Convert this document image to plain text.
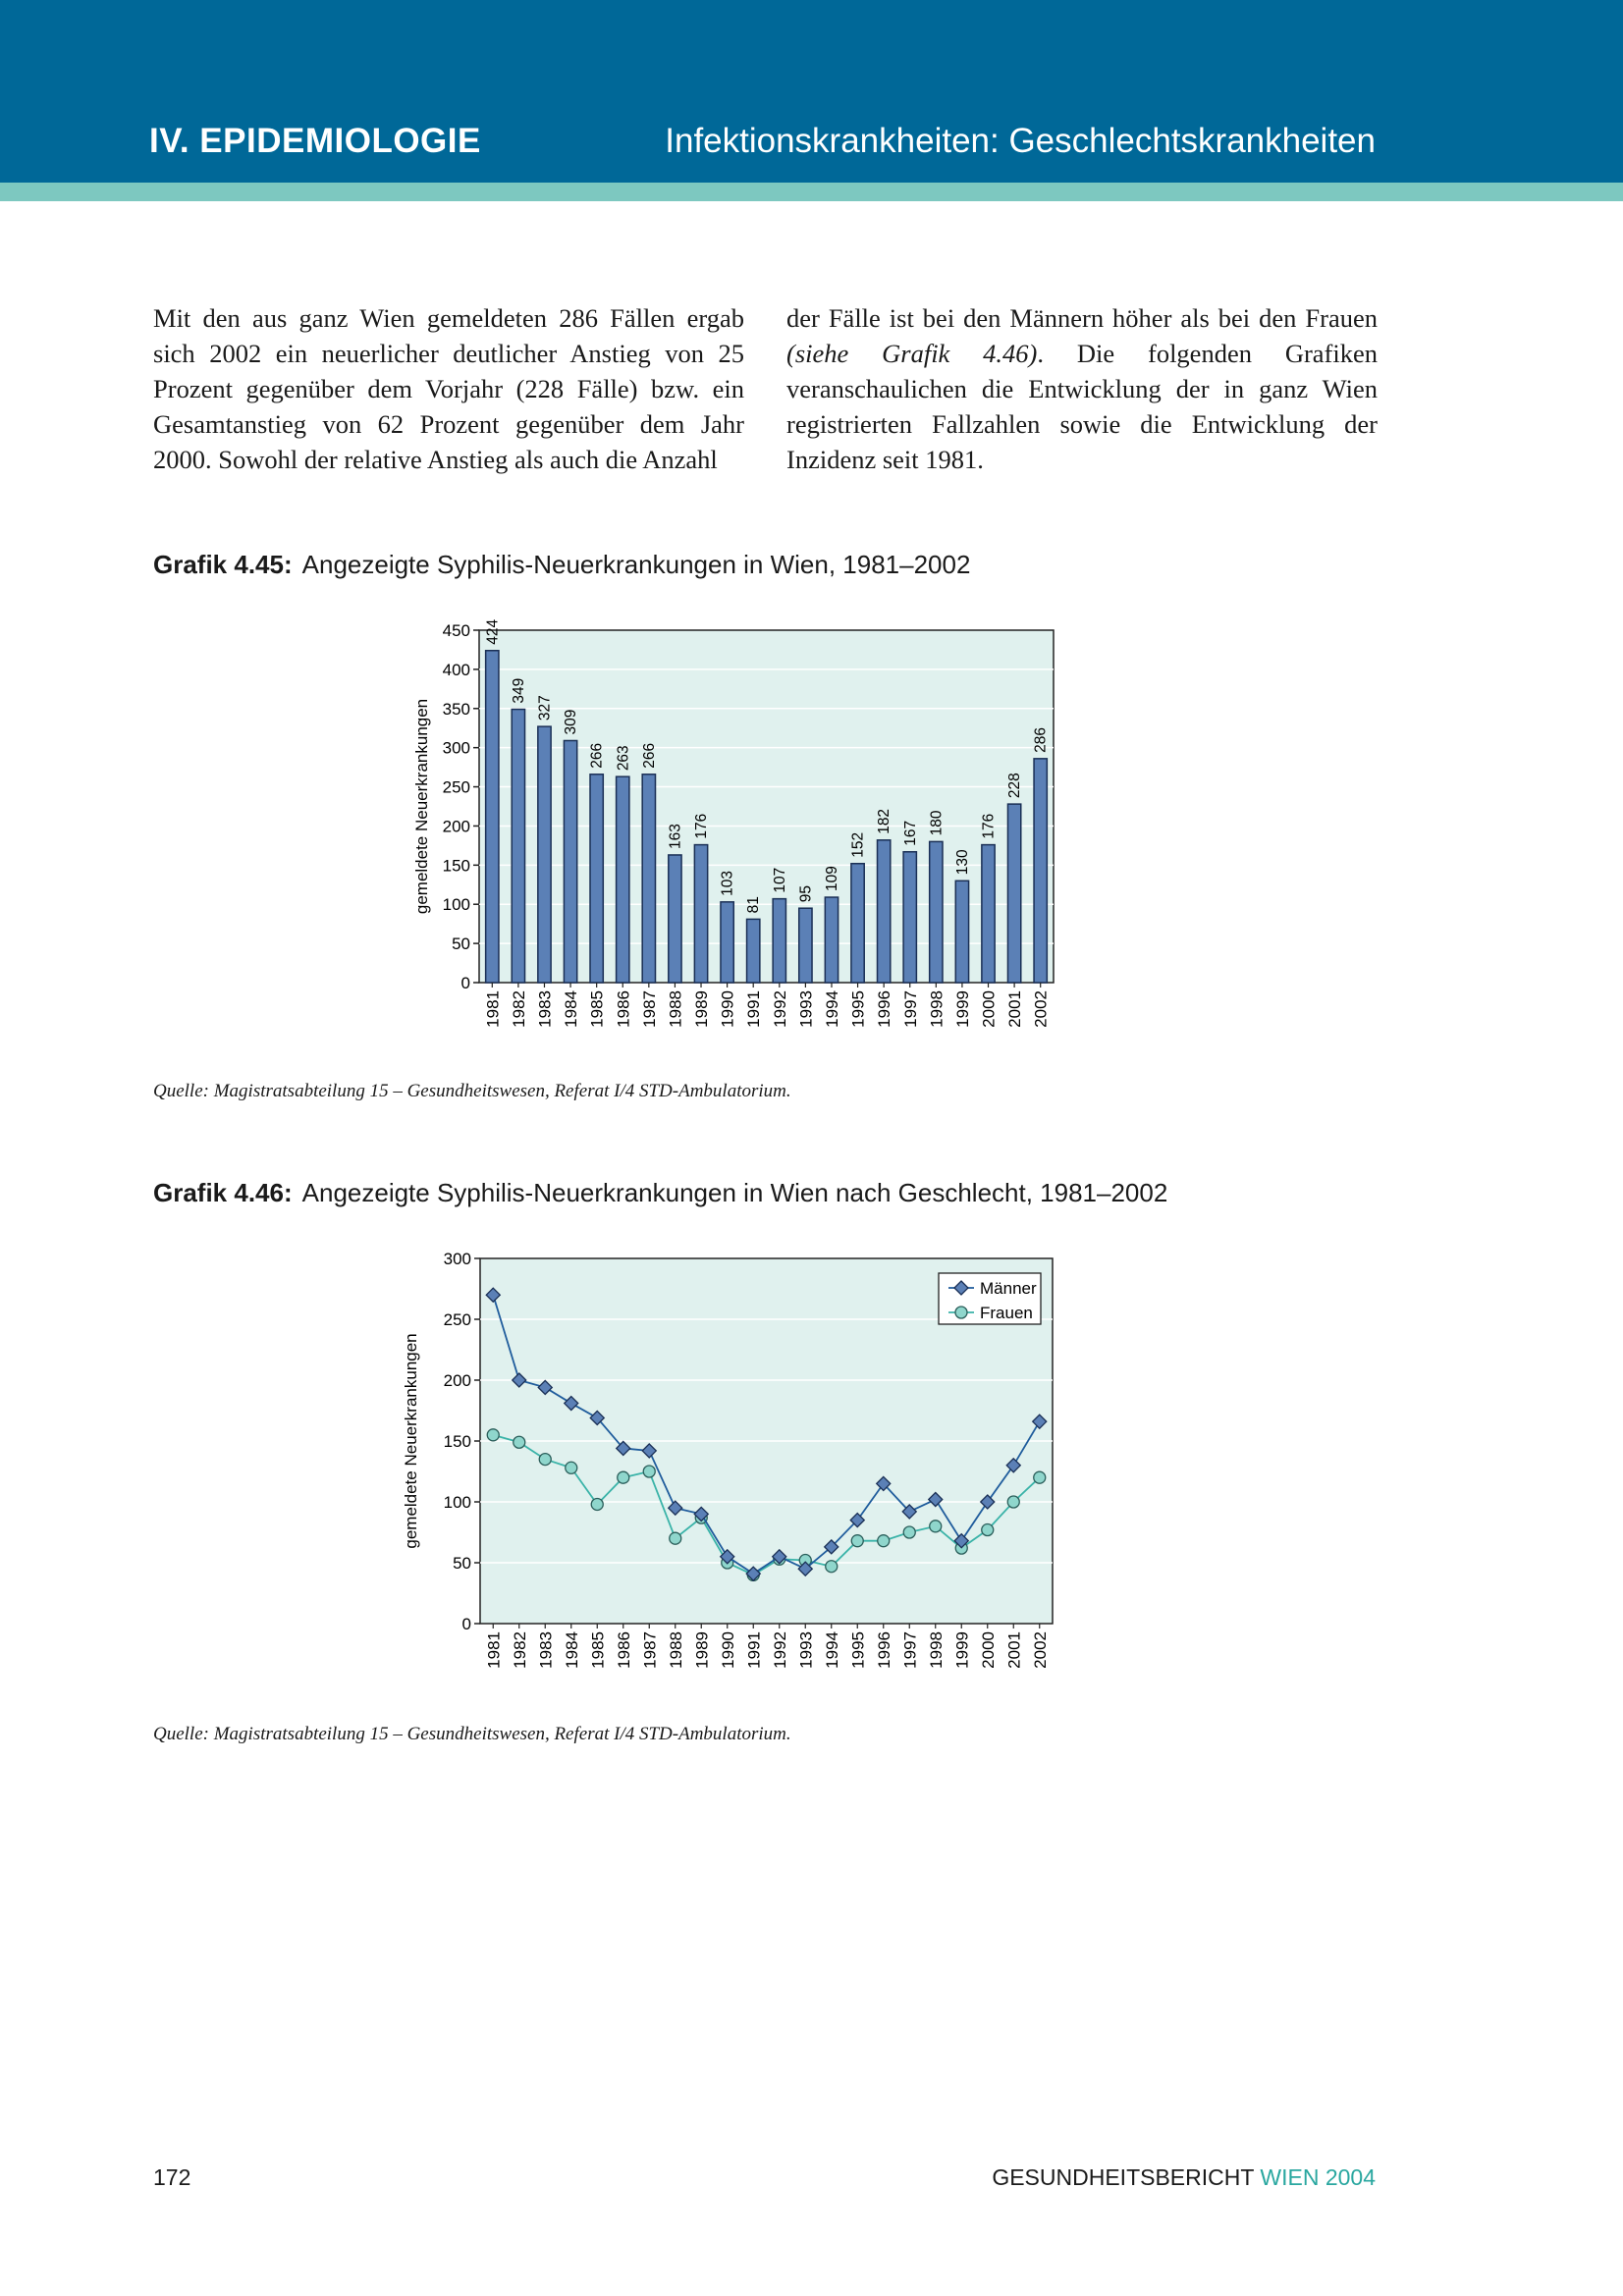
IV. EPIDEMIOLOGIE	Infektionskrankheiten: Geschlechtskrankheiten

Mit den aus ganz Wien gemeldeten 286 Fällen ergab sich 2002 ein neuerlicher deutlicher Anstieg von 25 Prozent gegenüber dem Vorjahr (228 Fälle) bzw. ein Gesamtanstieg von 62 Prozent gegenüber dem Jahr 2000. Sowohl der relative Anstieg als auch die Anzahl

der Fälle ist bei den Männern höher als bei den Frauen (siehe Grafik 4.46). Die folgenden Grafiken veranschaulichen die Entwicklung der in ganz Wien registrierten Fallzahlen sowie die Entwicklung der Inzidenz seit 1981.

Grafik 4.45: Angezeigte Syphilis-Neuerkrankungen in Wien, 1981–2002
0
50
100
150
200
250
300
350
400
450
gemeldete Neuerkrankungen
424
1981
349
1982
327
1983
309
1984
266
1985
263
1986
266
1987
163
1988
176
1989
103
1990
81
1991
107
1992
95
1993
109
1994
152
1995
182
1996
167
1997
180
1998
130
1999
176
2000
228
2001
286
2002
Quelle: Magistratsabteilung 15 – Gesundheitswesen, Referat I/4 STD-Ambulatorium.
Grafik 4.46: Angezeigte Syphilis-Neuerkrankungen in Wien nach Geschlecht, 1981–2002
0
50
100
150
200
250
300
gemeldete Neuerkrankungen
1981 1982 1983 1984 1985 1986 1987 1988 1989 1990 1991 1992 1993 1994 1995 1996 1997 1998 1999 2000 2001 2002
Männer
Frauen
Quelle: Magistratsabteilung 15 – Gesundheitswesen, Referat I/4 STD-Ambulatorium.
172	GESUNDHEITSBERICHT WIEN 2004
